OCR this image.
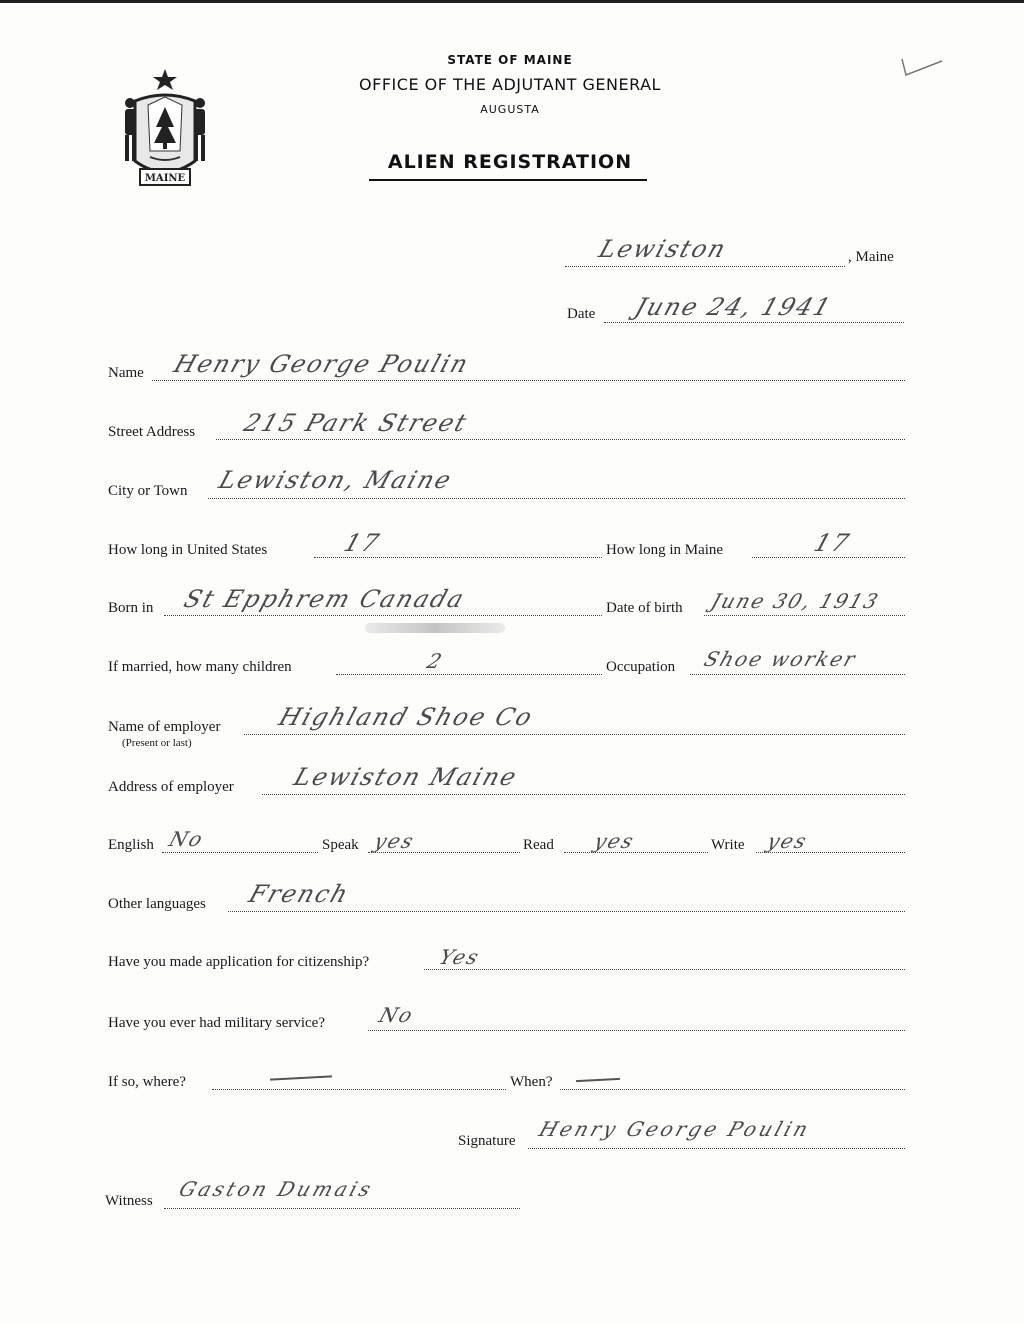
MAINE
STATE OF MAINE
OFFICE OF THE ADJUTANT GENERAL
AUGUSTA
ALIEN REGISTRATION
Lewiston	, Maine
Date June 24, 1941
Name Henry George Poulin
Street Address 215 Park Street
City or Town Lewiston, Maine
How long in United States	17	How long in Maine	17
Born in St Epphrem Canada	Date of birth June 30, 1913
If married, how many children	2	Occupation Shoe worker
Name of employer
(Present or last)
Highland Shoe Co
Address of employer Lewiston Maine
English No	Speak yes	Read yes	Write yes
Other languages French
Have you made application for citizenship?	Yes
Have you ever had military service?	No
If so, where?	When?
Signature Henry George Poulin
Witness Gaston Dumais
